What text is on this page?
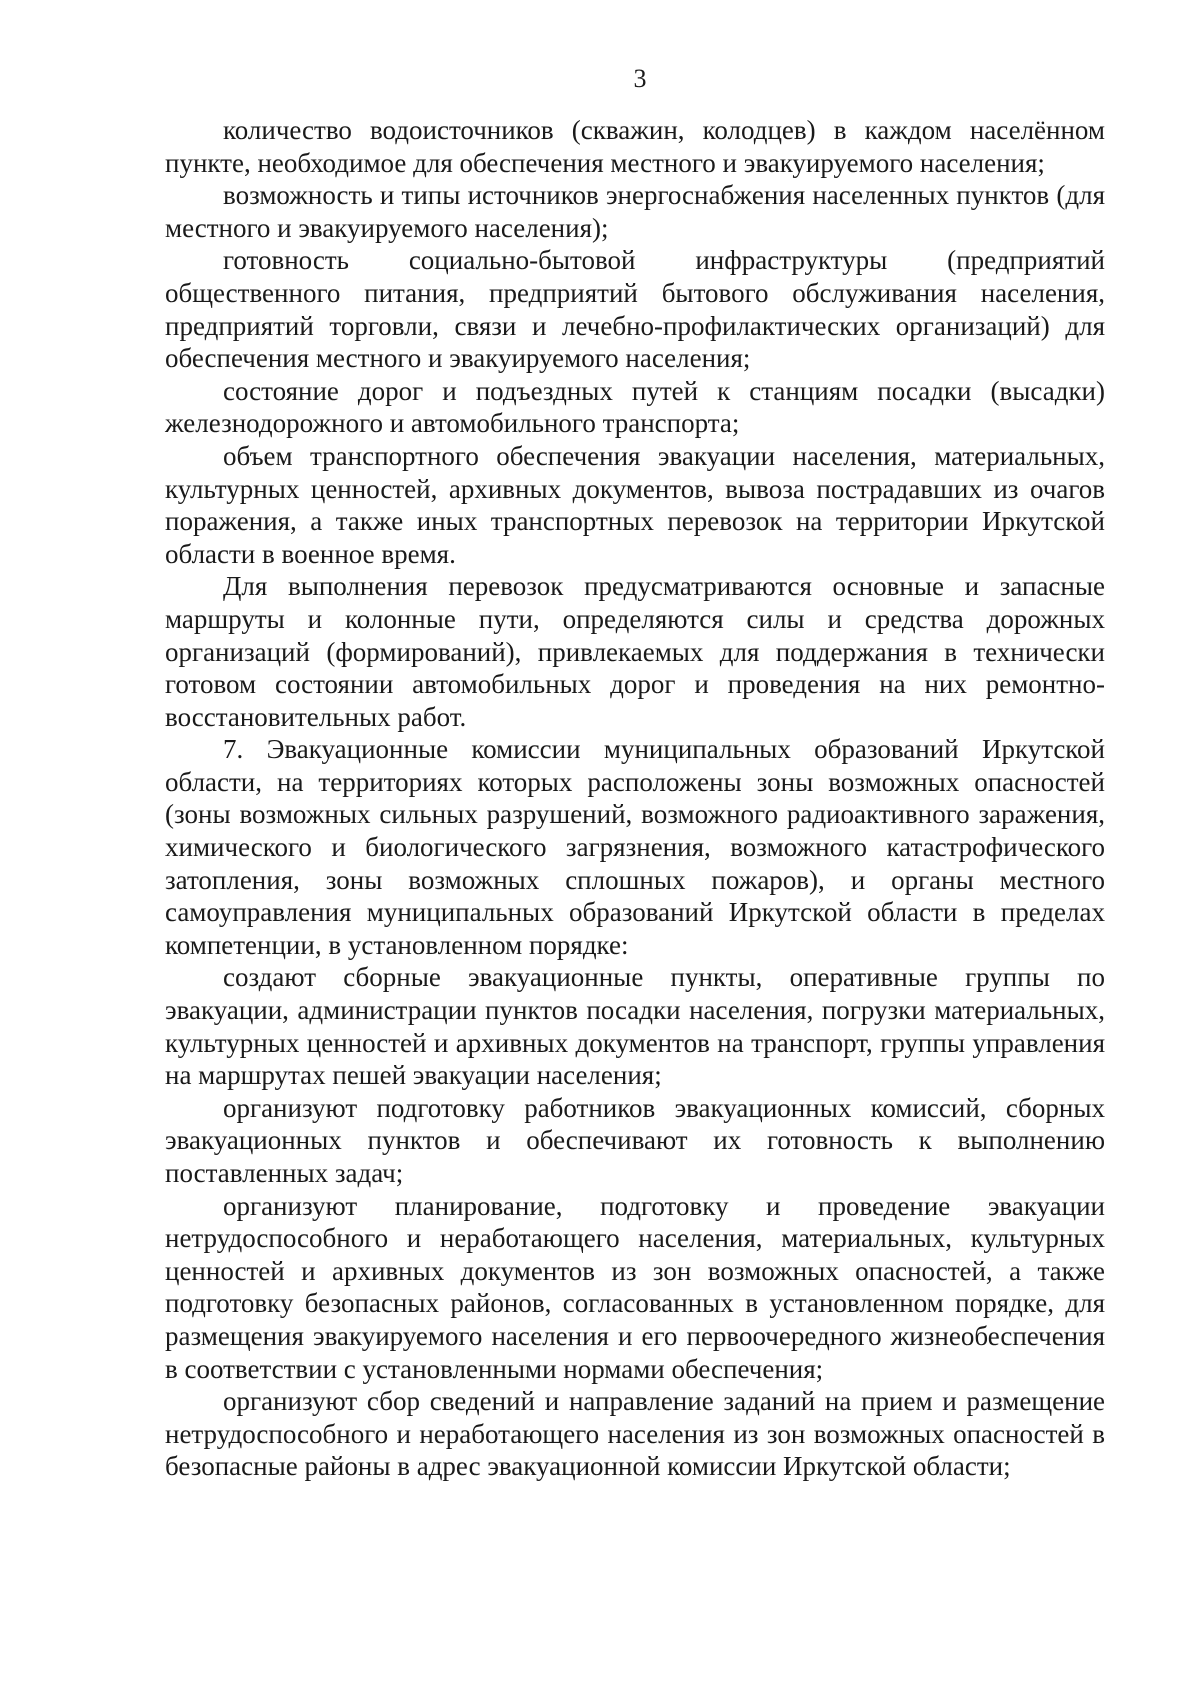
3

количество водоисточников (скважин, колодцев) в каждом населённом пункте, необходимое для обеспечения местного и эвакуируемого населения;

возможность и типы источников энергоснабжения населенных пунктов (для местного и эвакуируемого населения);

готовность социально-бытовой инфраструктуры (предприятий общественного питания, предприятий бытового обслуживания населения, предприятий торговли, связи и лечебно-профилактических организаций) для обеспечения местного и эвакуируемого населения;

состояние дорог и подъездных путей к станциям посадки (высадки) железнодорожного и автомобильного транспорта;

объем транспортного обеспечения эвакуации населения, материальных, культурных ценностей, архивных документов, вывоза пострадавших из очагов поражения, а также иных транспортных перевозок на территории Иркутской области в военное время.

Для выполнения перевозок предусматриваются основные и запасные маршруты и колонные пути, определяются силы и средства дорожных организаций (формирований), привлекаемых для поддержания в технически готовом состоянии автомобильных дорог и проведения на них ремонтно-восстановительных работ.

7. Эвакуационные комиссии муниципальных образований Иркутской области, на территориях которых расположены зоны возможных опасностей (зоны возможных сильных разрушений, возможного радиоактивного заражения, химического и биологического загрязнения, возможного катастрофического затопления, зоны возможных сплошных пожаров), и органы местного самоуправления муниципальных образований Иркутской области в пределах компетенции, в установленном порядке:

создают сборные эвакуационные пункты, оперативные группы по эвакуации, администрации пунктов посадки населения, погрузки материальных, культурных ценностей и архивных документов на транспорт, группы управления на маршрутах пешей эвакуации населения;

организуют подготовку работников эвакуационных комиссий, сборных эвакуационных пунктов и обеспечивают их готовность к выполнению поставленных задач;

организуют планирование, подготовку и проведение эвакуации нетрудоспособного и неработающего населения, материальных, культурных ценностей и архивных документов из зон возможных опасностей, а также подготовку безопасных районов, согласованных в установленном порядке, для размещения эвакуируемого населения и его первоочередного жизнеобеспечения в соответствии с установленными нормами обеспечения;

организуют сбор сведений и направление заданий на прием и размещение нетрудоспособного и неработающего населения из зон возможных опасностей в безопасные районы в адрес эвакуационной комиссии Иркутской области;
